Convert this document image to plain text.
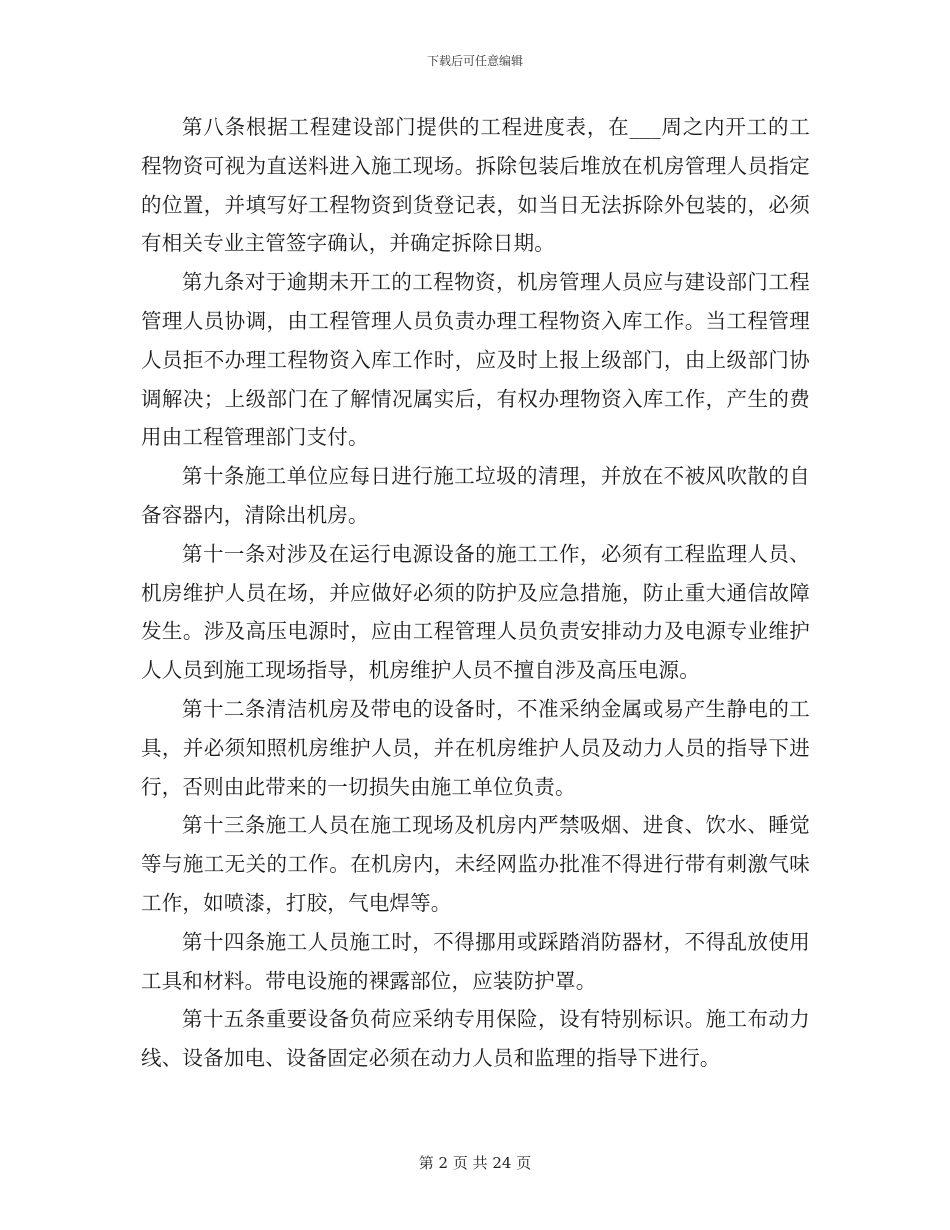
下载后可任意编辑

第八条根据工程建设部门提供的工程进度表，在___周之内开工的工程物资可视为直送料进入施工现场。拆除包装后堆放在机房管理人员指定的位置，并填写好工程物资到货登记表，如当日无法拆除外包装的，必须有相关专业主管签字确认，并确定拆除日期。

第九条对于逾期未开工的工程物资，机房管理人员应与建设部门工程管理人员协调，由工程管理人员负责办理工程物资入库工作。当工程管理人员拒不办理工程物资入库工作时，应及时上报上级部门，由上级部门协调解决；上级部门在了解情况属实后，有权办理物资入库工作，产生的费用由工程管理部门支付。

第十条施工单位应每日进行施工垃圾的清理，并放在不被风吹散的自备容器内，清除出机房。

第十一条对涉及在运行电源设备的施工工作，必须有工程监理人员、机房维护人员在场，并应做好必须的防护及应急措施，防止重大通信故障发生。涉及高压电源时，应由工程管理人员负责安排动力及电源专业维护人人员到施工现场指导，机房维护人员不擅自涉及高压电源。

第十二条清洁机房及带电的设备时，不准采纳金属或易产生静电的工具，并必须知照机房维护人员，并在机房维护人员及动力人员的指导下进行，否则由此带来的一切损失由施工单位负责。

第十三条施工人员在施工现场及机房内严禁吸烟、进食、饮水、睡觉等与施工无关的工作。在机房内，未经网监办批准不得进行带有刺激气味工作，如喷漆，打胶，气电焊等。

第十四条施工人员施工时，不得挪用或踩踏消防器材，不得乱放使用工具和材料。带电设施的裸露部位，应装防护罩。

第十五条重要设备负荷应采纳专用保险，设有特别标识。施工布动力线、设备加电、设备固定必须在动力人员和监理的指导下进行。

第 2 页 共 24 页
